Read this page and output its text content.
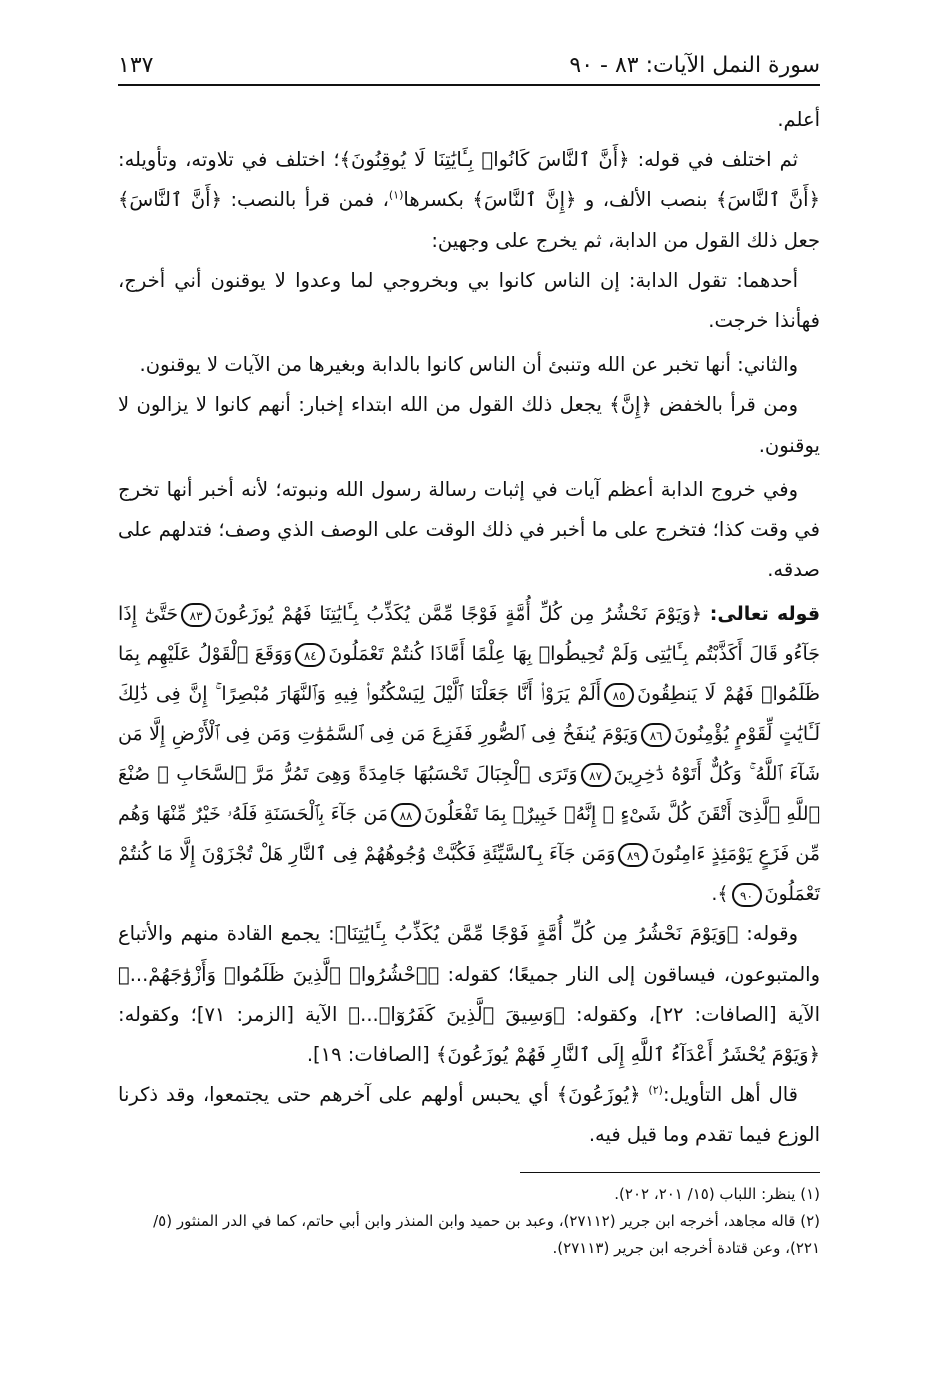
سورة النمل الآيات: ٨٣ - ٩٠
١٣٧

أعلم.

ثم اختلف في قوله: ﴿أَنَّ ٱلنَّاسَ كَانُوا۟ بِـَٔايَٰتِنَا لَا يُوقِنُونَ﴾؛ اختلف في تلاوته، وتأويله: ﴿أَنَّ ٱلنَّاسَ﴾ بنصب الألف، و ﴿إِنَّ ٱلنَّاسَ﴾ بكسرها$^{(١)}$، فمن قرأ بالنصب: ﴿أَنَّ ٱلنَّاسَ﴾ جعل ذلك القول من الدابة، ثم يخرج على وجهين:

أحدهما: تقول الدابة: إن الناس كانوا بي وبخروجي لما وعدوا لا يوقنون أني أخرج، فهأنذا خرجت.

والثاني: أنها تخبر عن الله وتنبئ أن الناس كانوا بالدابة وبغيرها من الآيات لا يوقنون.

ومن قرأ بالخفض ﴿إِنَّ﴾ يجعل ذلك القول من الله ابتداء إخبار: أنهم كانوا لا يزالون لا يوقنون.

وفي خروج الدابة أعظم آيات في إثبات رسالة رسول الله ونبوته؛ لأنه أخبر أنها تخرج في وقت كذا؛ فتخرج على ما أخبر في ذلك الوقت على الوصف الذي وصف؛ فتدلهم على صدقه.

قوله تعالى: ﴿وَيَوْمَ نَحْشُرُ مِن كُلِّ أُمَّةٍ فَوْجًا مِّمَّن يُكَذِّبُ بِـَٔايَٰتِنَا فَهُمْ يُوزَعُونَ٨٣حَتَّىٰٓ إِذَا جَآءُو قَالَ أَكَذَّبْتُم بِـَٔايَٰتِى وَلَمْ تُحِيطُوا۟ بِهَا عِلْمًا أَمَّاذَا كُنتُمْ تَعْمَلُونَ٨٤وَوَقَعَ ٱلْقَوْلُ عَلَيْهِم بِمَا ظَلَمُوا۟ فَهُمْ لَا يَنطِقُونَ٨٥أَلَمْ يَرَوْا۟ أَنَّا جَعَلْنَا ٱلَّيْلَ لِيَسْكُنُوا۟ فِيهِ وَٱلنَّهَارَ مُبْصِرًا ۚ إِنَّ فِى ذَٰلِكَ لَـَٔايَٰتٍ لِّقَوْمٍ يُؤْمِنُونَ٨٦وَيَوْمَ يُنفَخُ فِى ٱلصُّورِ فَفَزِعَ مَن فِى ٱلسَّمَٰوَٰتِ وَمَن فِى ٱلْأَرْضِ إِلَّا مَن شَآءَ ٱللَّهُ ۚ وَكُلٌّ أَتَوْهُ دَٰخِرِينَ٨٧وَتَرَى ٱلْجِبَالَ تَحْسَبُهَا جَامِدَةً وَهِىَ تَمُرُّ مَرَّ ٱلسَّحَابِ ۚ صُنْعَ ٱللَّهِ ٱلَّذِىٓ أَتْقَنَ كُلَّ شَىْءٍ ۚ إِنَّهُۥ خَبِيرٌۢ بِمَا تَفْعَلُونَ٨٨مَن جَآءَ بِٱلْحَسَنَةِ فَلَهُۥ خَيْرٌ مِّنْهَا وَهُم مِّن فَزَعٍ يَوْمَئِذٍ ءَامِنُونَ٨٩وَمَن جَآءَ بِٱلسَّيِّئَةِ فَكُبَّتْ وُجُوهُهُمْ فِى ٱلنَّارِ هَلْ تُجْزَوْنَ إِلَّا مَا كُنتُمْ تَعْمَلُونَ٩٠﴾.

وقوله: ﴿وَيَوْمَ نَحْشُرُ مِن كُلِّ أُمَّةٍ فَوْجًا مِّمَّن يُكَذِّبُ بِـَٔايَٰتِنَا﴾: يجمع القادة منهم والأتباع والمتبوعون، فيساقون إلى النار جميعًا؛ كقوله: ﴿ٱحْشُرُوا۟ ٱلَّذِينَ ظَلَمُوا۟ وَأَزْوَٰجَهُمْ...﴾ الآية [الصافات: ٢٢]، وكقوله: ﴿وَسِيقَ ٱلَّذِينَ كَفَرُوٓا۟...﴾ الآية [الزمر: ٧١]؛ وكقوله: ﴿وَيَوْمَ يُحْشَرُ أَعْدَآءُ ٱللَّهِ إِلَى ٱلنَّارِ فَهُمْ يُوزَعُونَ﴾ [الصافات: ١٩].

قال أهل التأويل:$^{(٢)}$ ﴿يُوزَعُونَ﴾ أي يحبس أولهم على آخرهم حتى يجتمعوا، وقد ذكرنا الوزع فيما تقدم وما قيل فيه.

(١) ينظر: اللباب (١٥/ ٢٠١، ٢٠٢).

(٢) قاله مجاهد، أخرجه ابن جرير (٢٧١١٢)، وعبد بن حميد وابن المنذر وابن أبي حاتم، كما في الدر المنثور (٥/ ٢٢١)، وعن قتادة أخرجه ابن جرير (٢٧١١٣).
